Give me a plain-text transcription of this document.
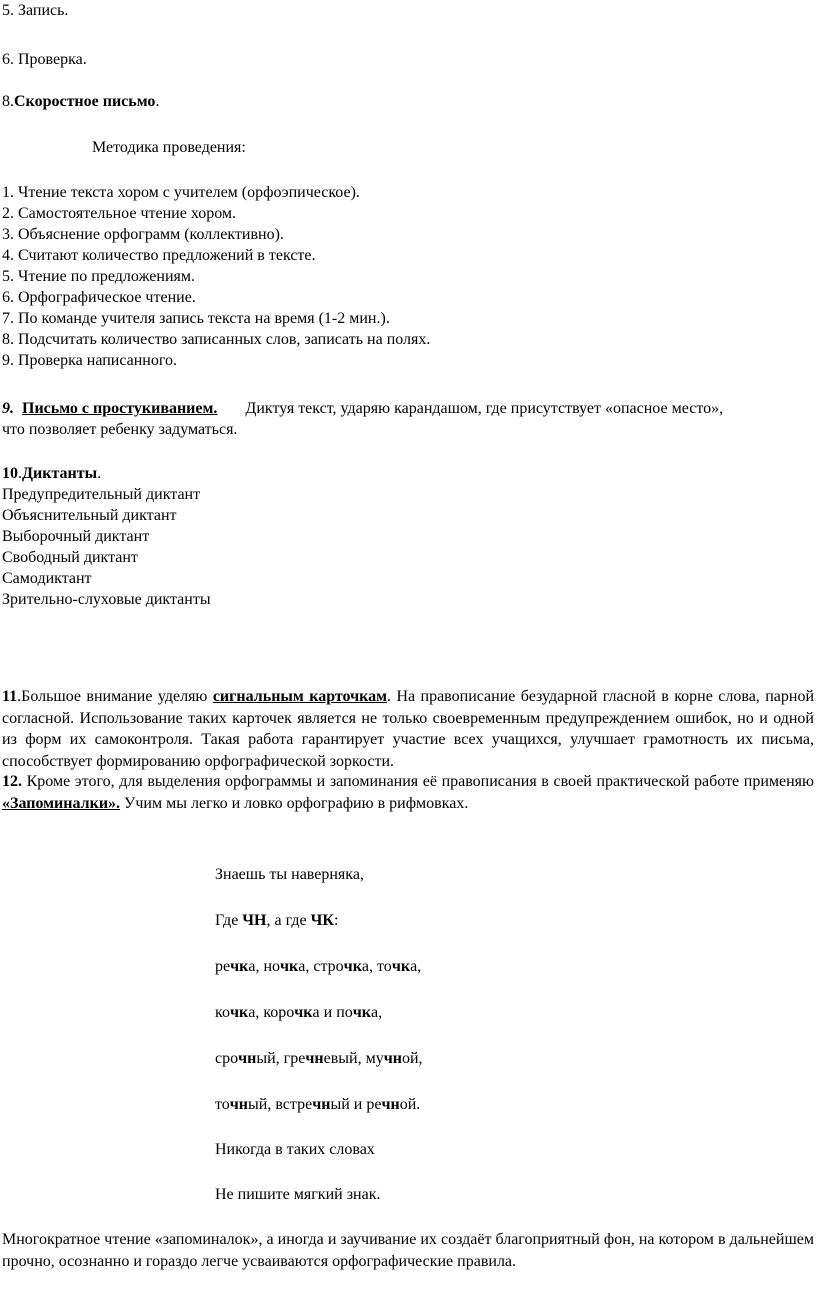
5. Запись.
6. Проверка.
8.Скоростное письмо.
Методика проведения:
1. Чтение текста хором с учителем (орфоэпическое).
2. Самостоятельное чтение хором.
3. Объяснение орфограмм (коллективно).
4. Считают количество предложений в тексте.
5. Чтение по предложениям.
6. Орфографическое чтение.
7. По команде учителя запись текста на время (1-2 мин.).
8. Подсчитать количество записанных слов, записать на полях.
9. Проверка написанного.
9. Письмо с простукиванием. Диктуя текст, ударяю карандашом, где присутствует «опасное место»,
что позволяет ребенку задуматься.
10.Диктанты.
Предупредительный диктант
Объяснительный диктант
Выборочный диктант
Свободный диктант
Самодиктант
Зрительно-слуховые диктанты
11.Большое внимание уделяю сигнальным карточкам. На правописание безударной гласной в корне слова, парной согласной. Использование таких карточек является не только своевременным предупреждением ошибок, но и одной из форм их самоконтроля. Такая работа гарантирует участие всех учащихся, улучшает грамотность их письма, способствует формированию орфографической зоркости.
12. Кроме этого, для выделения орфограммы и запоминания её правописания в своей практической работе применяю «Запоминалки». Учим мы легко и ловко орфографию в рифмовках.
Знаешь ты наверняка,
Где ЧН, а где ЧК:
речка, ночка, строчка, точка,
кочка, корочка и почка,
срочный, гречневый, мучной,
точный, встречный и речной.
Никогда в таких словах
Не пишите мягкий знак.
Многократное чтение «запоминалок», а иногда и заучивание их создаёт благоприятный фон, на котором в дальнейшем прочно, осознанно и гораздо легче усваиваются орфографические правила.
